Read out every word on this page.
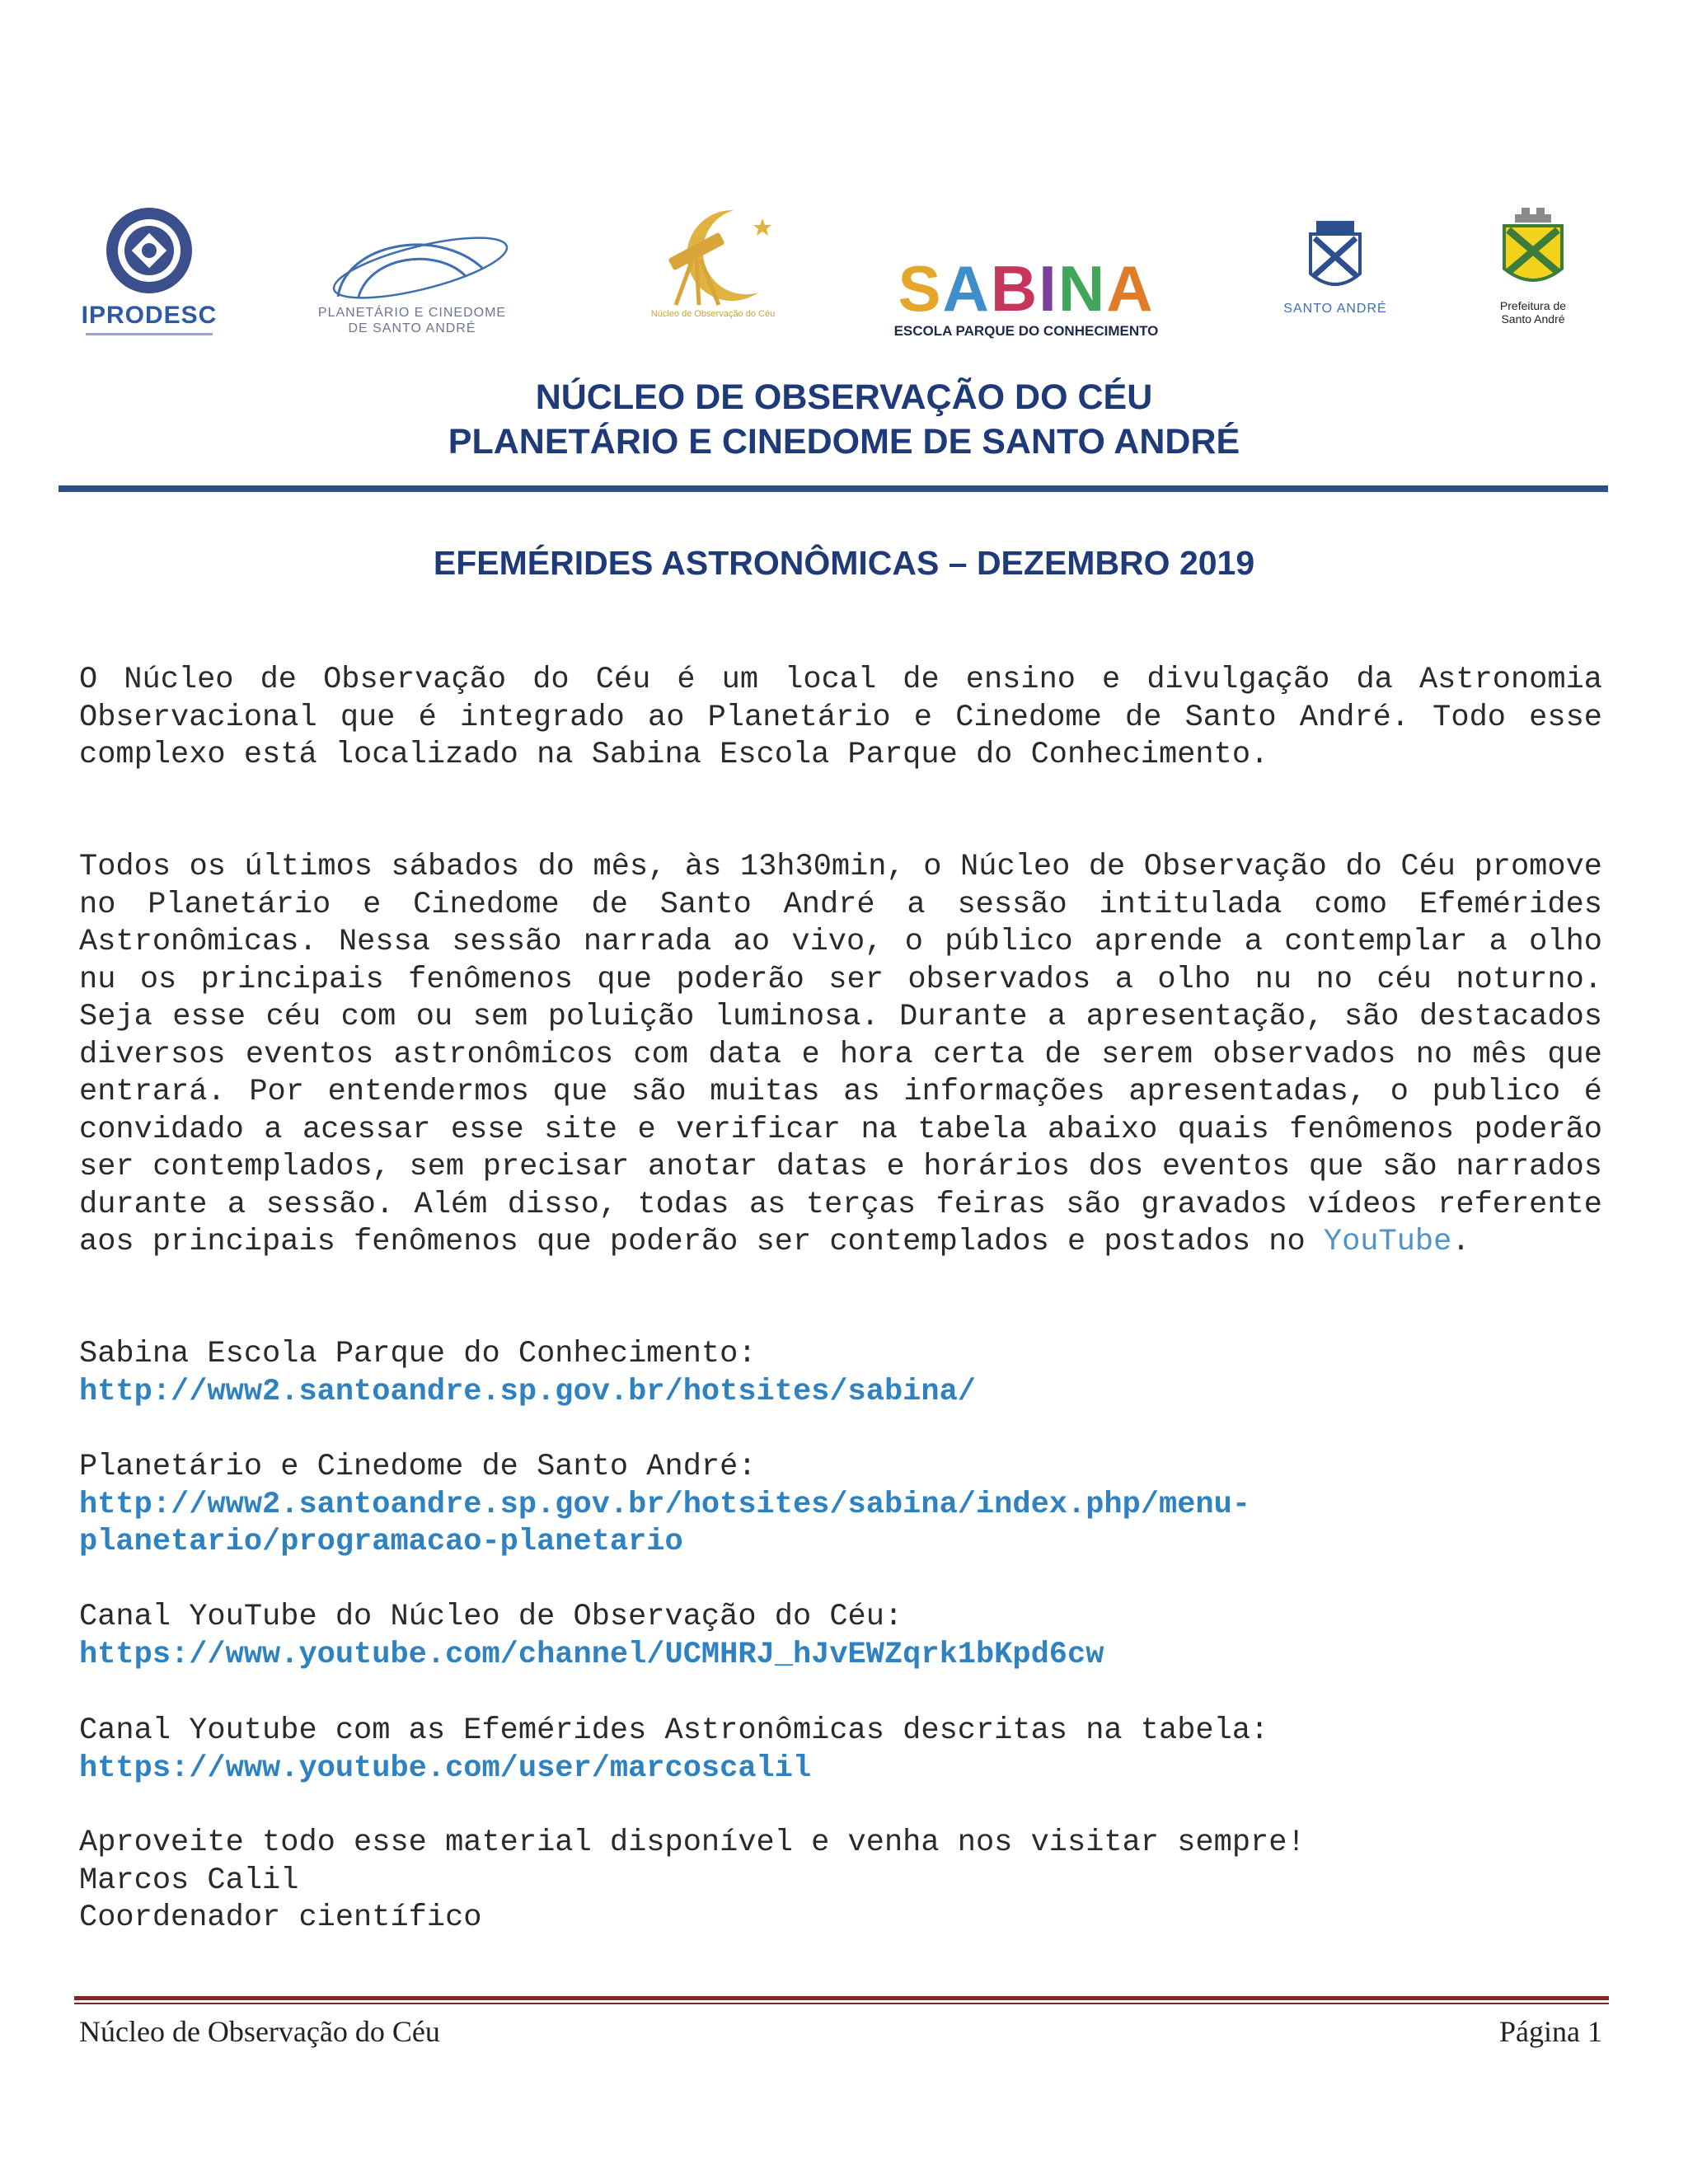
IPRODESC	PLANETÁRIO E CINEDOME
DE SANTO ANDRÉ
Núcleo de Observação do Céu	SABINA
ESCOLA PARQUE DO CONHECIMENTO
SANTO ANDRÉ	Prefeitura de
Santo André
NÚCLEO DE OBSERVAÇÃO DO CÉU
PLANETÁRIO E CINEDOME DE SANTO ANDRÉ
EFEMÉRIDES ASTRONÔMICAS – DEZEMBRO 2019

O Núcleo de Observação do Céu é um local de ensino e divulgação da Astronomia Observacional que é integrado ao Planetário e Cinedome de Santo André. Todo esse complexo está localizado na Sabina Escola Parque do Conhecimento.

Todos os últimos sábados do mês, às 13h30min, o Núcleo de Observação do Céu promove no Planetário e Cinedome de Santo André a sessão intitulada como Efemérides Astronômicas. Nessa sessão narrada ao vivo, o público aprende a contemplar a olho nu os principais fenômenos que poderão ser observados a olho nu no céu noturno. Seja esse céu com ou sem poluição luminosa. Durante a apresentação, são destacados diversos eventos astronômicos com data e hora certa de serem observados no mês que entrará. Por entendermos que são muitas as informações apresentadas, o publico é convidado a acessar esse site e verificar na tabela abaixo quais fenômenos poderão ser contemplados, sem precisar anotar datas e horários dos eventos que são narrados durante a sessão. Além disso, todas as terças feiras são gravados vídeos referente aos principais fenômenos que poderão ser contemplados e postados no YouTube.

Sabina Escola Parque do Conhecimento:

http://www2.santoandre.sp.gov.br/hotsites/sabina/

Planetário e Cinedome de Santo André:

http://www2.santoandre.sp.gov.br/hotsites/sabina/index.php/menu-

planetario/programacao-planetario

Canal YouTube do Núcleo de Observação do Céu:

https://www.youtube.com/channel/UCMHRJ_hJvEWZqrk1bKpd6cw

Canal Youtube com as Efemérides Astronômicas descritas na tabela:

https://www.youtube.com/user/marcoscalil

Aproveite todo esse material disponível e venha nos visitar sempre!

Marcos Calil

Coordenador científico

Núcleo de Observação do Céu	Página 1
